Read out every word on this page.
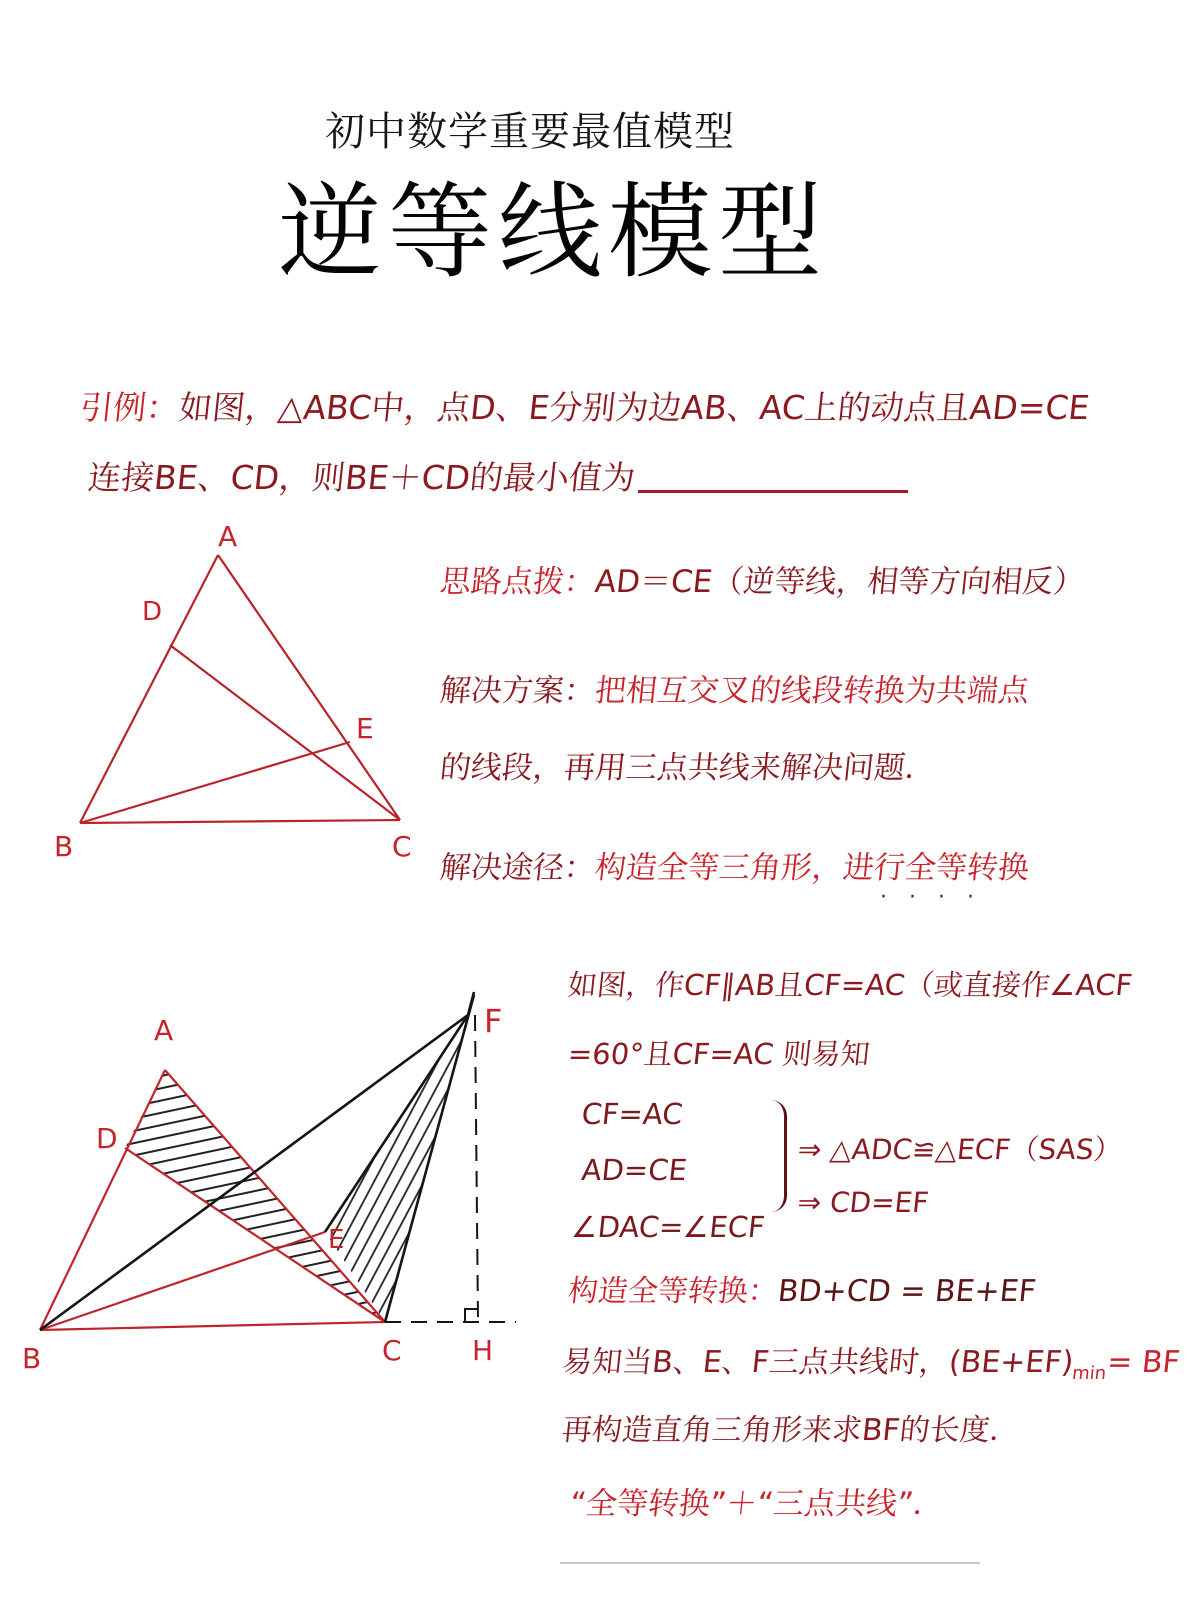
初中数学重要最值模型
逆等线模型
引例：如图，△ABC中，点D、E分别为边AB、AC上的动点且AD=CE
连接BE、CD，则BE＋CD的最小值为
思路点拨：AD＝CE（逆等线，相等方向相反）
解决方案：把相互交叉的线段转换为共端点
的线段，再用三点共线来解决问题．
解决途径：构造全等三角形，进行全等转换
····
如图，作CF∥AB且CF=AC（或直接作∠ACF
=60°且CF=AC 则易知
CF=AC
AD=CE
∠DAC=∠ECF
⇒ △ADC≌△ECF（SAS）
⇒ CD=EF
构造全等转换：BD+CD = BE+EF
易知当B、E、F三点共线时，$(BE+EF)_{min}=$ BF
再构造直角三角形来求BF的长度．
“全等转换”＋“三点共线”．
A
D
E
B	C
A
D
E
F
B	C	H
